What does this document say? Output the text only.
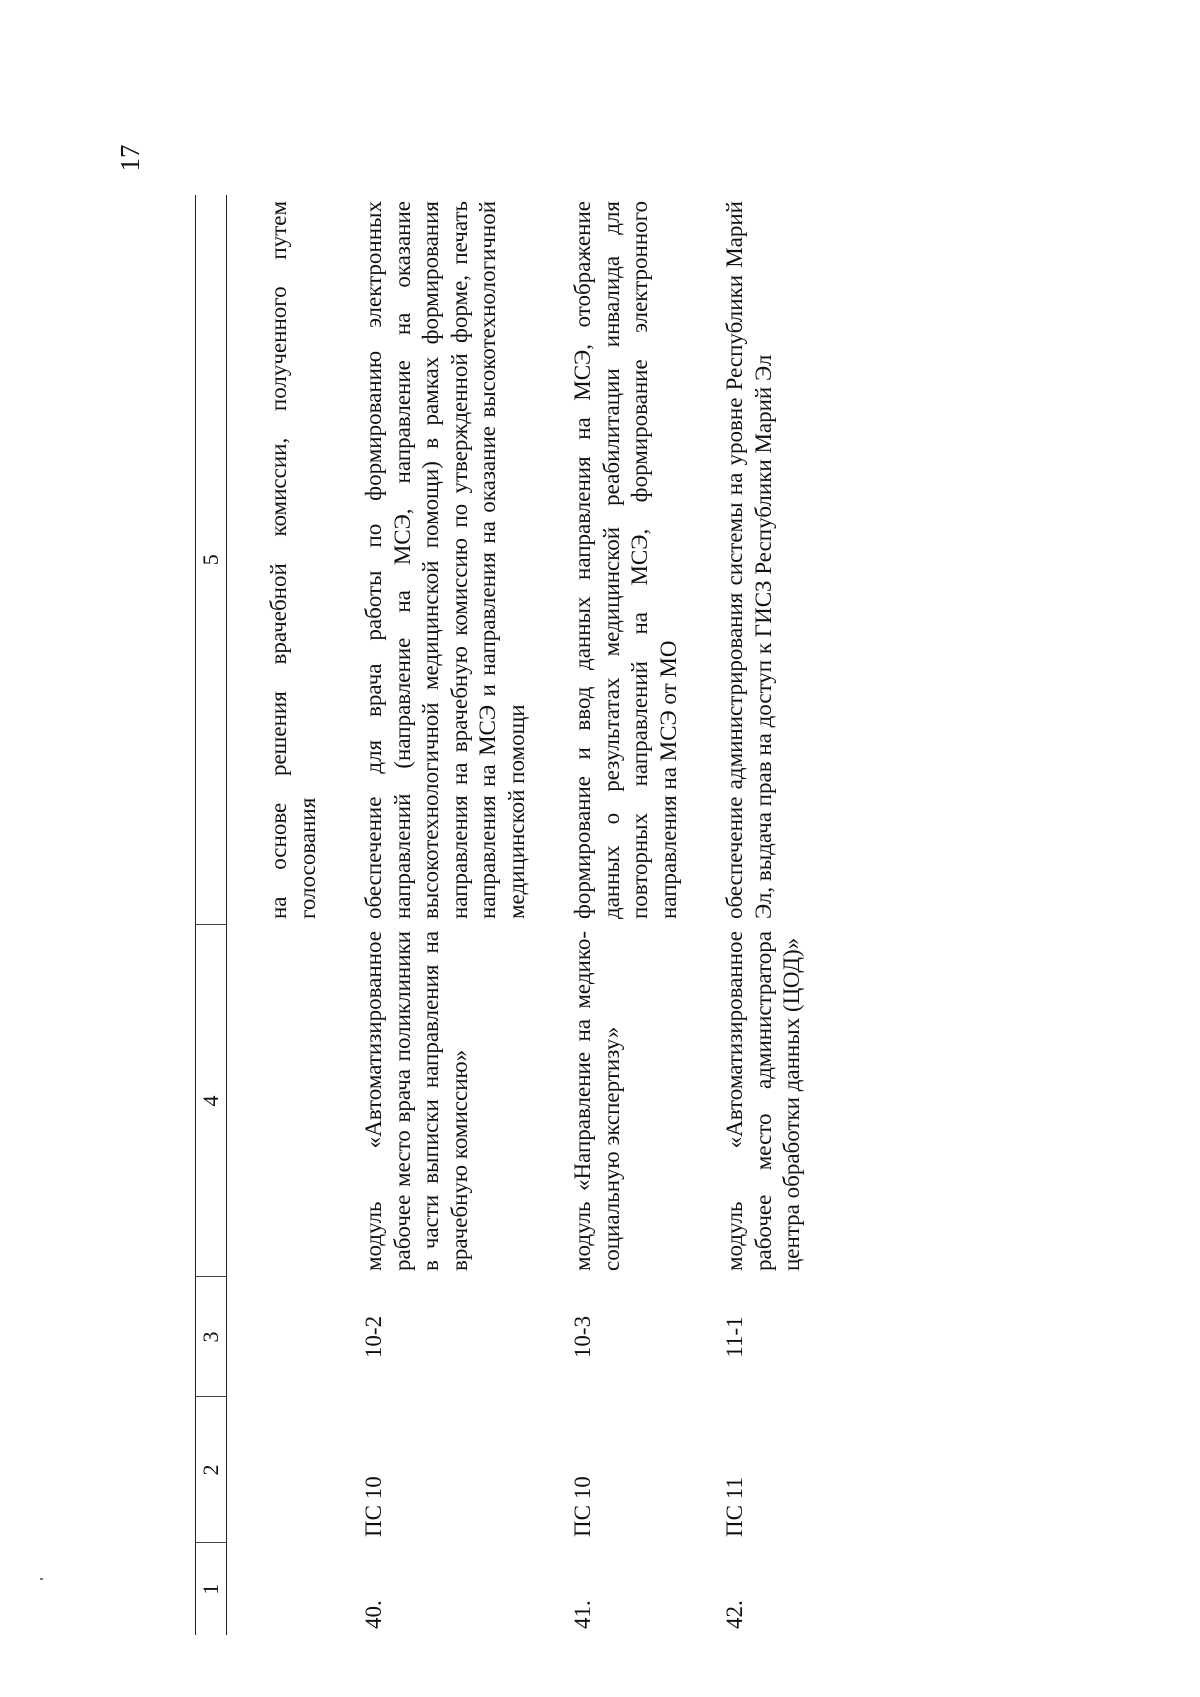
17
1	2	3	4	5

				на основе решения врачебной комиссии, полученного путем голосования

40.	ПС 10	10-2	модуль «Автоматизированное рабочее место врача поликлиники в части выписки направления на врачебную комиссию»	обеспечение для врача работы по формированию электронных направлений (направление на МСЭ, направление на оказание высокотехнологичной медицинской помощи) в рамках формирования направления на врачебную комиссию по утвержденной форме, печать направления на МСЭ и направления на оказание высокотехнологичной медицинской помощи

41.	ПС 10	10-3	модуль «Направление на медико-социальную экспертизу»	формирование и ввод данных направления на МСЭ, отображение данных о результатах медицинской реабилитации инвалида для повторных направлений на МСЭ, формирование электронного направления на МСЭ от МО

42.	ПС 11	11-1	модуль «Автоматизированное рабочее место администратора центра обработки данных (ЦОД)»	обеспечение администрирования системы на уровне Республики Марий Эл, выдача прав на доступ к ГИСЗ Республики Марий Эл
